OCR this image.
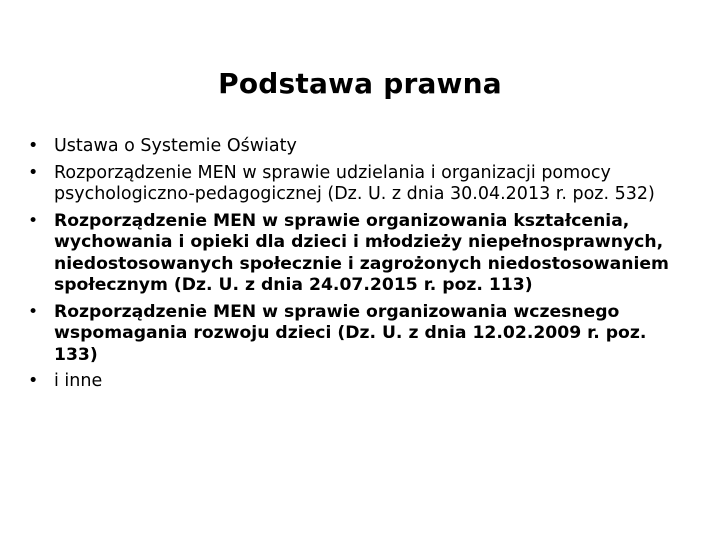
Podstawa prawna
• Ustawa o Systemie Oświaty
• Rozporządzenie MEN w sprawie udzielania i organizacji pomocy psychologiczno-pedagogicznej (Dz. U. z dnia 30.04.2013 r. poz. 532)
• Rozporządzenie MEN w sprawie organizowania kształcenia, wychowania i opieki dla dzieci i młodzieży niepełnosprawnych, niedostosowanych społecznie i zagrożonych niedostosowaniem społecznym (Dz. U. z dnia 24.07.2015 r. poz. 113)
• Rozporządzenie MEN w sprawie organizowania wczesnego wspomagania rozwoju dzieci (Dz. U. z dnia 12.02.2009 r. poz. 133)
• i inne
